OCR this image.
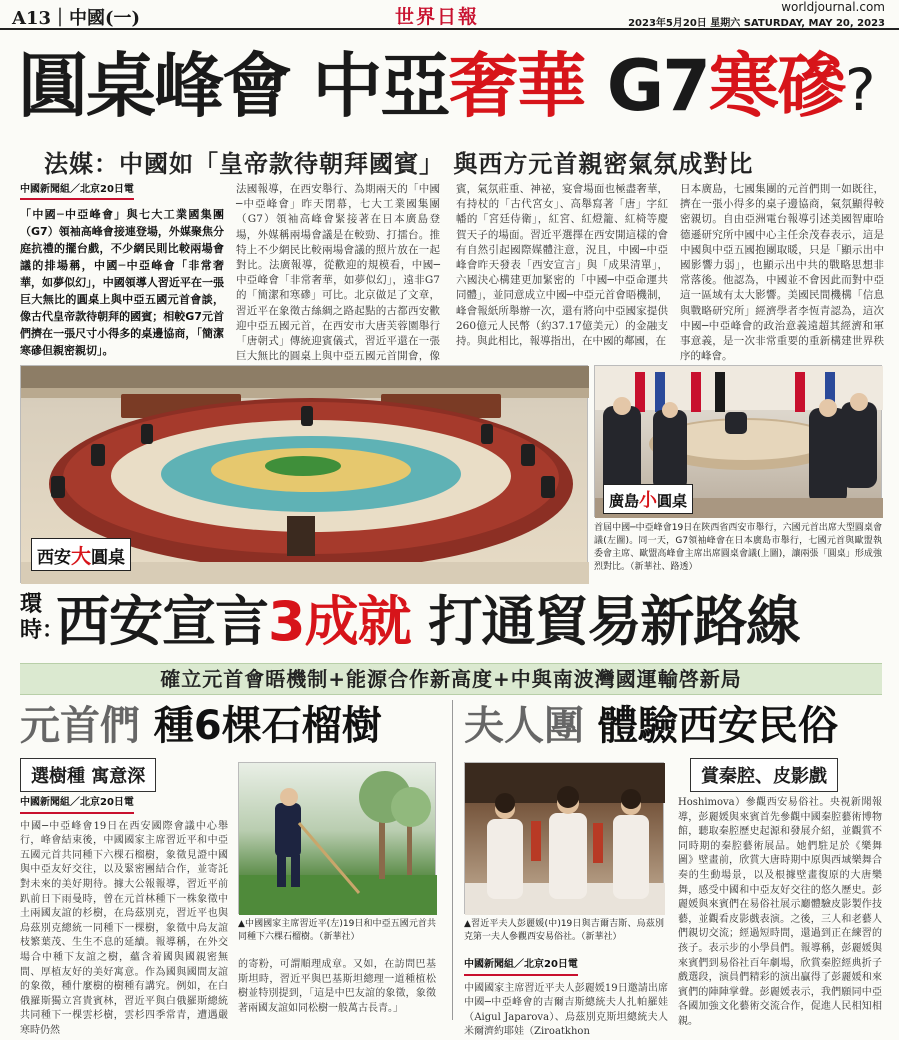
A13｜中國(一)	世界日報	worldjournal.com
2023年5月20日 星期六 SATURDAY, MAY 20, 2023
圓桌峰會 中亞奢華 G7寒磣?
法媒：中國如「皇帝款待朝拜國賓」 與西方元首親密氣氛成對比
中國新聞組／北京20日電
「中國─中亞峰會」與七大工業國集團（G7）領袖高峰會接連登場，外媒聚焦分庭抗禮的擺台戲，不少網民則比較兩場會議的排場稱，中國─中亞峰會「非常奢華，如夢似幻」，中國領導人習近平在一張巨大無比的圓桌上與中亞五國元首會談，像古代皇帝款待朝拜的國賓；相較G7元首們擠在一張尺寸小得多的桌邊協商，「簡潔寒磣但親密親切」。
法國報導，在西安舉行、為期兩天的「中國─中亞峰會」昨天閉幕，七大工業國集團（G7）領袖高峰會緊接著在日本廣島登場，外媒稱兩場會議是在較勁、打擂台。推特上不少網民比較兩場會議的照片放在一起對比。法廣報導，從歡迎的規模看，中國─中亞峰會「非常奢華，如夢似幻」，遠非G7的「簡潔和寒磣」可比。北京做足了文章，習近平在象徵古絲綢之路起點的古都西安歡迎中亞五國元首，在西安市大唐芙蓉園舉行「唐朝式」傳統迎賓儀式，習近平還在一張巨大無比的圓桌上與中亞五國元首開會，像
賓，氣氛莊重、神祕，宴會場面也極盡奢華，有持杖的「古代宮女」、高舉寫著「唐」字紅幡的「宮廷侍衛」，紅宮、紅燈籠、紅椅等慶賀天子的場面。習近平選擇在西安開這樣的會有自然引起國際媒體注意，況且，中國─中亞峰會昨天發表「西安宣言」與「成果清單」，六國決心構建更加緊密的「中國─中亞命運共同體」，並同意成立中國─中亞元首會晤機制，峰會報紙所舉辦一次，還有將向中亞國家提供260億元人民幣（約37.17億美元）的金融支持。與此相比，報導指出，在中國的鄰國，在
日本廣島，七國集團的元首們則一如既往，擠在一張小得多的桌子邊協商，氣氛顯得較密親切。自由亞洲電台報導引述美國智庫哈德遜研究所中國中心主任余茂春表示，這是中國與中亞五國抱團取暖，只是「顯示出中國影響力弱」，也顯示出中共的戰略思想非常落後。他認為，中國並不會因此而對中亞這一區域有太大影響。美國民間機構「信息與戰略研究所」經濟學者李恆青認為，這次中國─中亞峰會的政治意義遠超其經濟和軍事意義，是一次非常重要的重新構建世界秩序的峰會。
西安大圓桌
廣島小圓桌
首屆中國─中亞峰會19日在陝西省西安市舉行，六國元首出席大型圓桌會議(左圖)。同一天，G7領袖峰會在日本廣島市舉行，七國元首與歐盟執委會主席、歐盟高峰會主席出席圓桌會議(上圖)，讓兩張「圓桌」形成強烈對比。（新華社、路透）
環時：
西安宣言3成就 打通貿易新路線
確立元首會晤機制+能源合作新高度+中與南波灣國運輸啓新局
元首們 種6棵石榴樹
選樹種 寓意深
中國新聞組／北京20日電
中國─中亞峰會19日在西安國際會議中心舉行，峰會結束後，中國國家主席習近平和中亞五國元首共同種下六棵石榴樹，象徵見證中國與中亞友好交往，以及緊密團結合作，並寄託對未來的美好期待。據大公報報導，習近平前趴前日下雨曼時，曾在元首林種下一株象徵中土兩國友誼的杉樹，在烏茲別克，習近平也與烏茲別克總統一同種下一棵樹，象徵中烏友誼枝繁葉茂、生生不息的延續。報導稱，在外交場合中種下友誼之樹，蘊含着國與國親密無間、厚植友好的美好寓意。作為國與國間友誼的象徵，種什麼樹的樹種有講究。例如，在白俄羅斯獨立宮貴賓林，習近平與白俄羅斯總統共同種下一棵雲杉樹，雲杉四季常青，遭遇嚴寒時仍然
▲中國國家主席習近平(左)19日和中亞五國元首共同種下六棵石榴樹。（新華社）
的寄粉，可謂順理成章。又如，在訪問巴基斯坦時，習近平與巴基斯坦總理一道種植松樹並特別提到，「這是中巴友誼的象徵，象徵著兩國友誼如同松樹一般萬古長青。」
夫人團 體驗西安民俗
賞秦腔、皮影戲
▲習近平夫人彭麗媛(中)19日與吉爾吉斯、烏茲別克第一夫人參觀西安易俗社。（新華社）
中國新聞組／北京20日電
中國國家主席習近平夫人彭麗媛19日邀請出席中國─中亞峰會的吉爾吉斯總統夫人扎帕羅娃（Aigul Japarova）、烏茲別克斯坦總統夫人米爾濟約耶娃（Ziroatkhon
Hoshimova）參觀西安易俗社。央視新聞報導，彭麗媛與來賓首先參觀中國秦腔藝術博物館，聽取秦腔歷史起源和發展介紹，並觀賞不同時期的秦腔藝術展品。她們駐足於《樂舞圖》壁畫前，欣賞大唐時期中原與西域樂舞合奏的生動場景，以及根據壁畫復原的大唐樂舞，感受中國和中亞友好交往的悠久歷史。彭麗媛與來賓們在易俗社展示廳體驗皮影製作技藝，並觀看皮影戲表演。之後，三人和老藝人們親切交流；經過短時間，還過到正在練習的孩子。表示步的小學員們。報導稱，彭麗媛與來賓們到易俗社百年劇場，欣賞秦腔經典折子戲選段，演員們精彩的演出贏得了彭麗媛和來賓們的陣陣掌聲。彭麗媛表示，我們願同中亞各國加強文化藝術交流合作，促進人民相知相親。
